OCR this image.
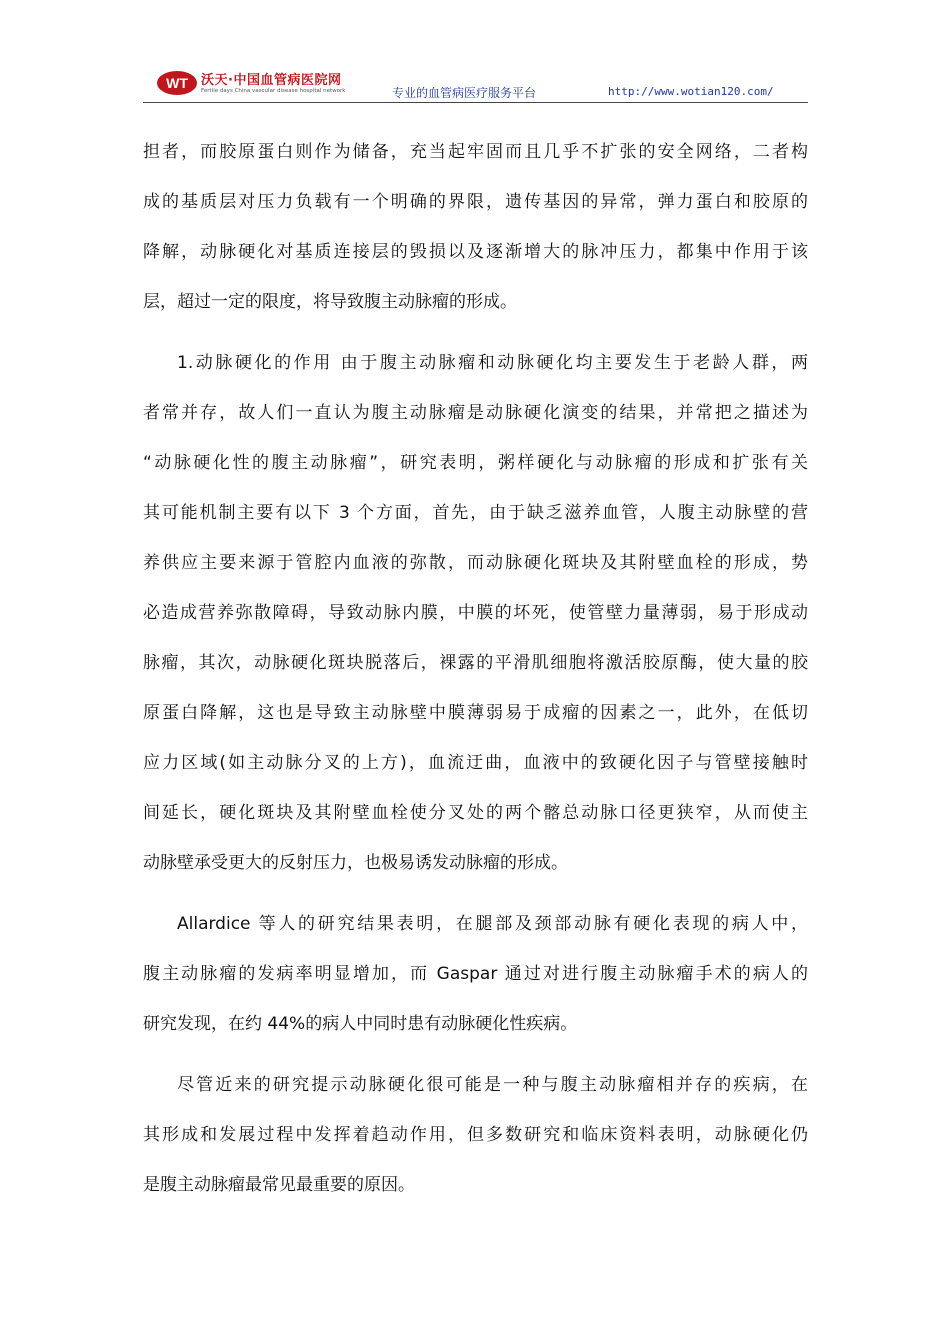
WT 沃天·中国血管病医院网
Fertile days China vascular disease hospital network	专业的血管病医疗服务平台	http://www.wotian120.com/
担者，而胶原蛋白则作为储备，充当起牢固而且几乎不扩张的安全网络，二者构
成的基质层对压力负载有一个明确的界限，遗传基因的异常，弹力蛋白和胶原的
降解，动脉硬化对基质连接层的毁损以及逐渐增大的脉冲压力，都集中作用于该
层，超过一定的限度，将导致腹主动脉瘤的形成。
1.动脉硬化的作用 由于腹主动脉瘤和动脉硬化均主要发生于老龄人群，两
者常并存，故人们一直认为腹主动脉瘤是动脉硬化演变的结果，并常把之描述为
“动脉硬化性的腹主动脉瘤”，研究表明，粥样硬化与动脉瘤的形成和扩张有关
其可能机制主要有以下 3 个方面，首先，由于缺乏滋养血管，人腹主动脉壁的营
养供应主要来源于管腔内血液的弥散，而动脉硬化斑块及其附壁血栓的形成，势
必造成营养弥散障碍，导致动脉内膜，中膜的坏死，使管壁力量薄弱，易于形成动
脉瘤，其次，动脉硬化斑块脱落后，裸露的平滑肌细胞将激活胶原酶，使大量的胶
原蛋白降解，这也是导致主动脉壁中膜薄弱易于成瘤的因素之一，此外，在低切
应力区域(如主动脉分叉的上方)，血流迂曲，血液中的致硬化因子与管壁接触时
间延长，硬化斑块及其附壁血栓使分叉处的两个髂总动脉口径更狭窄，从而使主
动脉壁承受更大的反射压力，也极易诱发动脉瘤的形成。
Allardice 等人的研究结果表明，在腿部及颈部动脉有硬化表现的病人中，
腹主动脉瘤的发病率明显增加，而 Gaspar 通过对进行腹主动脉瘤手术的病人的
研究发现，在约 44%的病人中同时患有动脉硬化性疾病。
尽管近来的研究提示动脉硬化很可能是一种与腹主动脉瘤相并存的疾病，在
其形成和发展过程中发挥着趋动作用，但多数研究和临床资料表明，动脉硬化仍
是腹主动脉瘤最常见最重要的原因。
